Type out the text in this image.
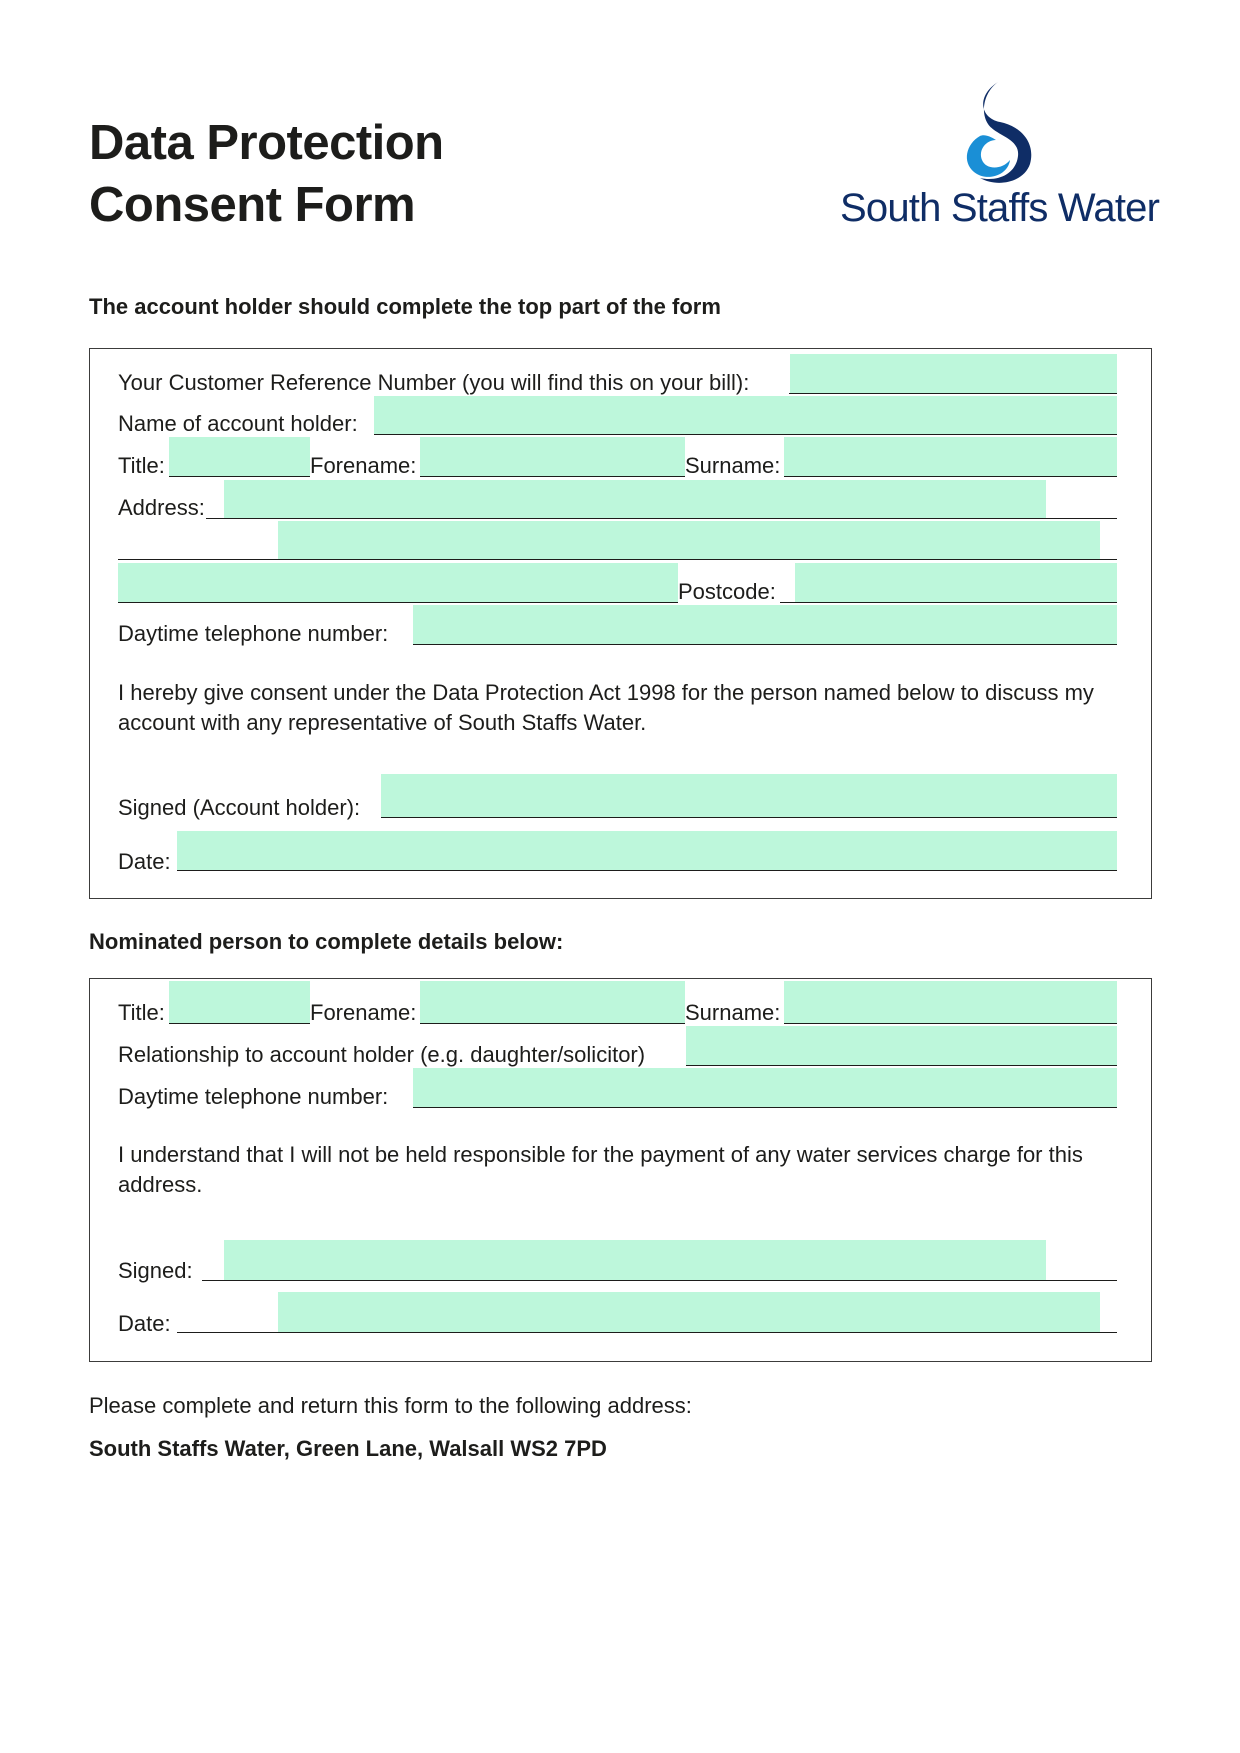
Data Protection
Consent Form	South Staffs Water
The account holder should complete the top part of the form
Your Customer Reference Number (you will find this on your bill):
Name of account holder:
Title:	Forename:	Surname:
Address:
Postcode:
Daytime telephone number:
I hereby give consent under the Data Protection Act 1998 for the person named below to discuss my account with any representative of South Staffs Water.
Signed (Account holder):
Date:
Nominated person to complete details below:
Title:	Forename:	Surname:
Relationship to account holder (e.g. daughter/solicitor)
Daytime telephone number:
I understand that I will not be held responsible for the payment of any water services charge for this address.
Signed:
Date:
Please complete and return this form to the following address:
South Staffs Water, Green Lane, Walsall WS2 7PD
